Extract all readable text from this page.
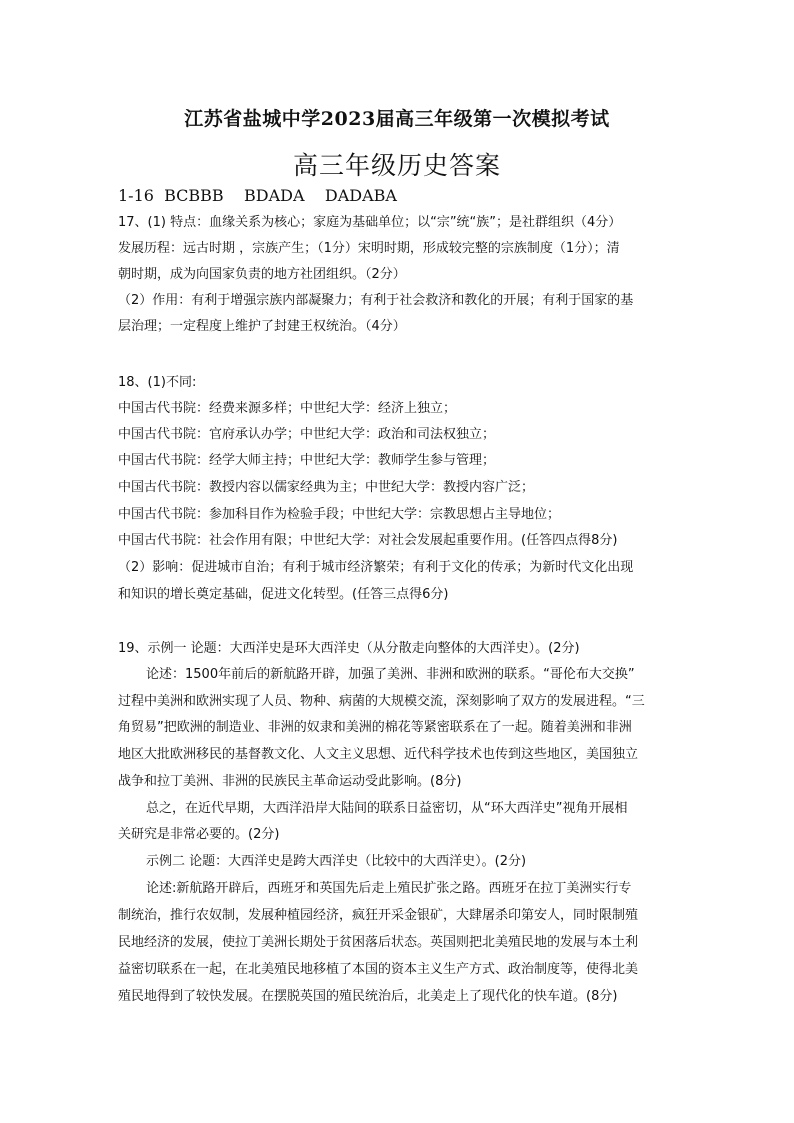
江苏省盐城中学2023届高三年级第一次模拟考试
高三年级历史答案
1-16  BCBBB    BDADA    DADABA
17、(1) 特点：血缘关系为核心；家庭为基础单位；以“宗”统“族”；是社群组织（4分）
发展历程：远古时期 ，宗族产生；（1分）宋明时期，形成较完整的宗族制度（1分）；清
朝时期，成为向国家负责的地方社团组织。（2分）
（2）作用：有利于增强宗族内部凝聚力；有利于社会救济和教化的开展；有利于国家的基
层治理；一定程度上维护了封建王权统治。（4分）
18、(1)不同:
中国古代书院：经费来源多样；中世纪大学：经济上独立；
中国古代书院：官府承认办学；中世纪大学：政治和司法权独立；
中国古代书院：经学大师主持；中世纪大学：教师学生参与管理；
中国古代书院：教授内容以儒家经典为主；中世纪大学：教授内容广泛；
中国古代书院：参加科目作为检验手段；中世纪大学：宗教思想占主导地位；
中国古代书院：社会作用有限；中世纪大学：对社会发展起重要作用。(任答四点得8分)
（2）影响：促进城市自治；有利于城市经济繁荣；有利于文化的传承；为新时代文化出现
和知识的增长奠定基础，促进文化转型。(任答三点得6分)
19、示例一 论题：大西洋史是环大西洋史（从分散走向整体的大西洋史）。(2分)
论述：1500年前后的新航路开辟，加强了美洲、非洲和欧洲的联系。“哥伦布大交换”
过程中美洲和欧洲实现了人员、物种、病菌的大规模交流，深刻影响了双方的发展进程。“三
角贸易”把欧洲的制造业、非洲的奴隶和美洲的棉花等紧密联系在了一起。随着美洲和非洲
地区大批欧洲移民的基督教文化、人文主义思想、近代科学技术也传到这些地区，美国独立
战争和拉丁美洲、非洲的民族民主革命运动受此影响。(8分)
总之，在近代早期，大西洋沿岸大陆间的联系日益密切，从“环大西洋史”视角开展相
关研究是非常必要的。(2分)
示例二 论题：大西洋史是跨大西洋史（比较中的大西洋史）。(2分)
论述:新航路开辟后，西班牙和英国先后走上殖民扩张之路。西班牙在拉丁美洲实行专
制统治，推行农奴制，发展种植园经济，疯狂开采金银矿，大肆屠杀印第安人，同时限制殖
民地经济的发展，使拉丁美洲长期处于贫困落后状态。英国则把北美殖民地的发展与本土利
益密切联系在一起，在北美殖民地移植了本国的资本主义生产方式、政治制度等，使得北美
殖民地得到了较快发展。在摆脱英国的殖民统治后，北美走上了现代化的快车道。(8分)
